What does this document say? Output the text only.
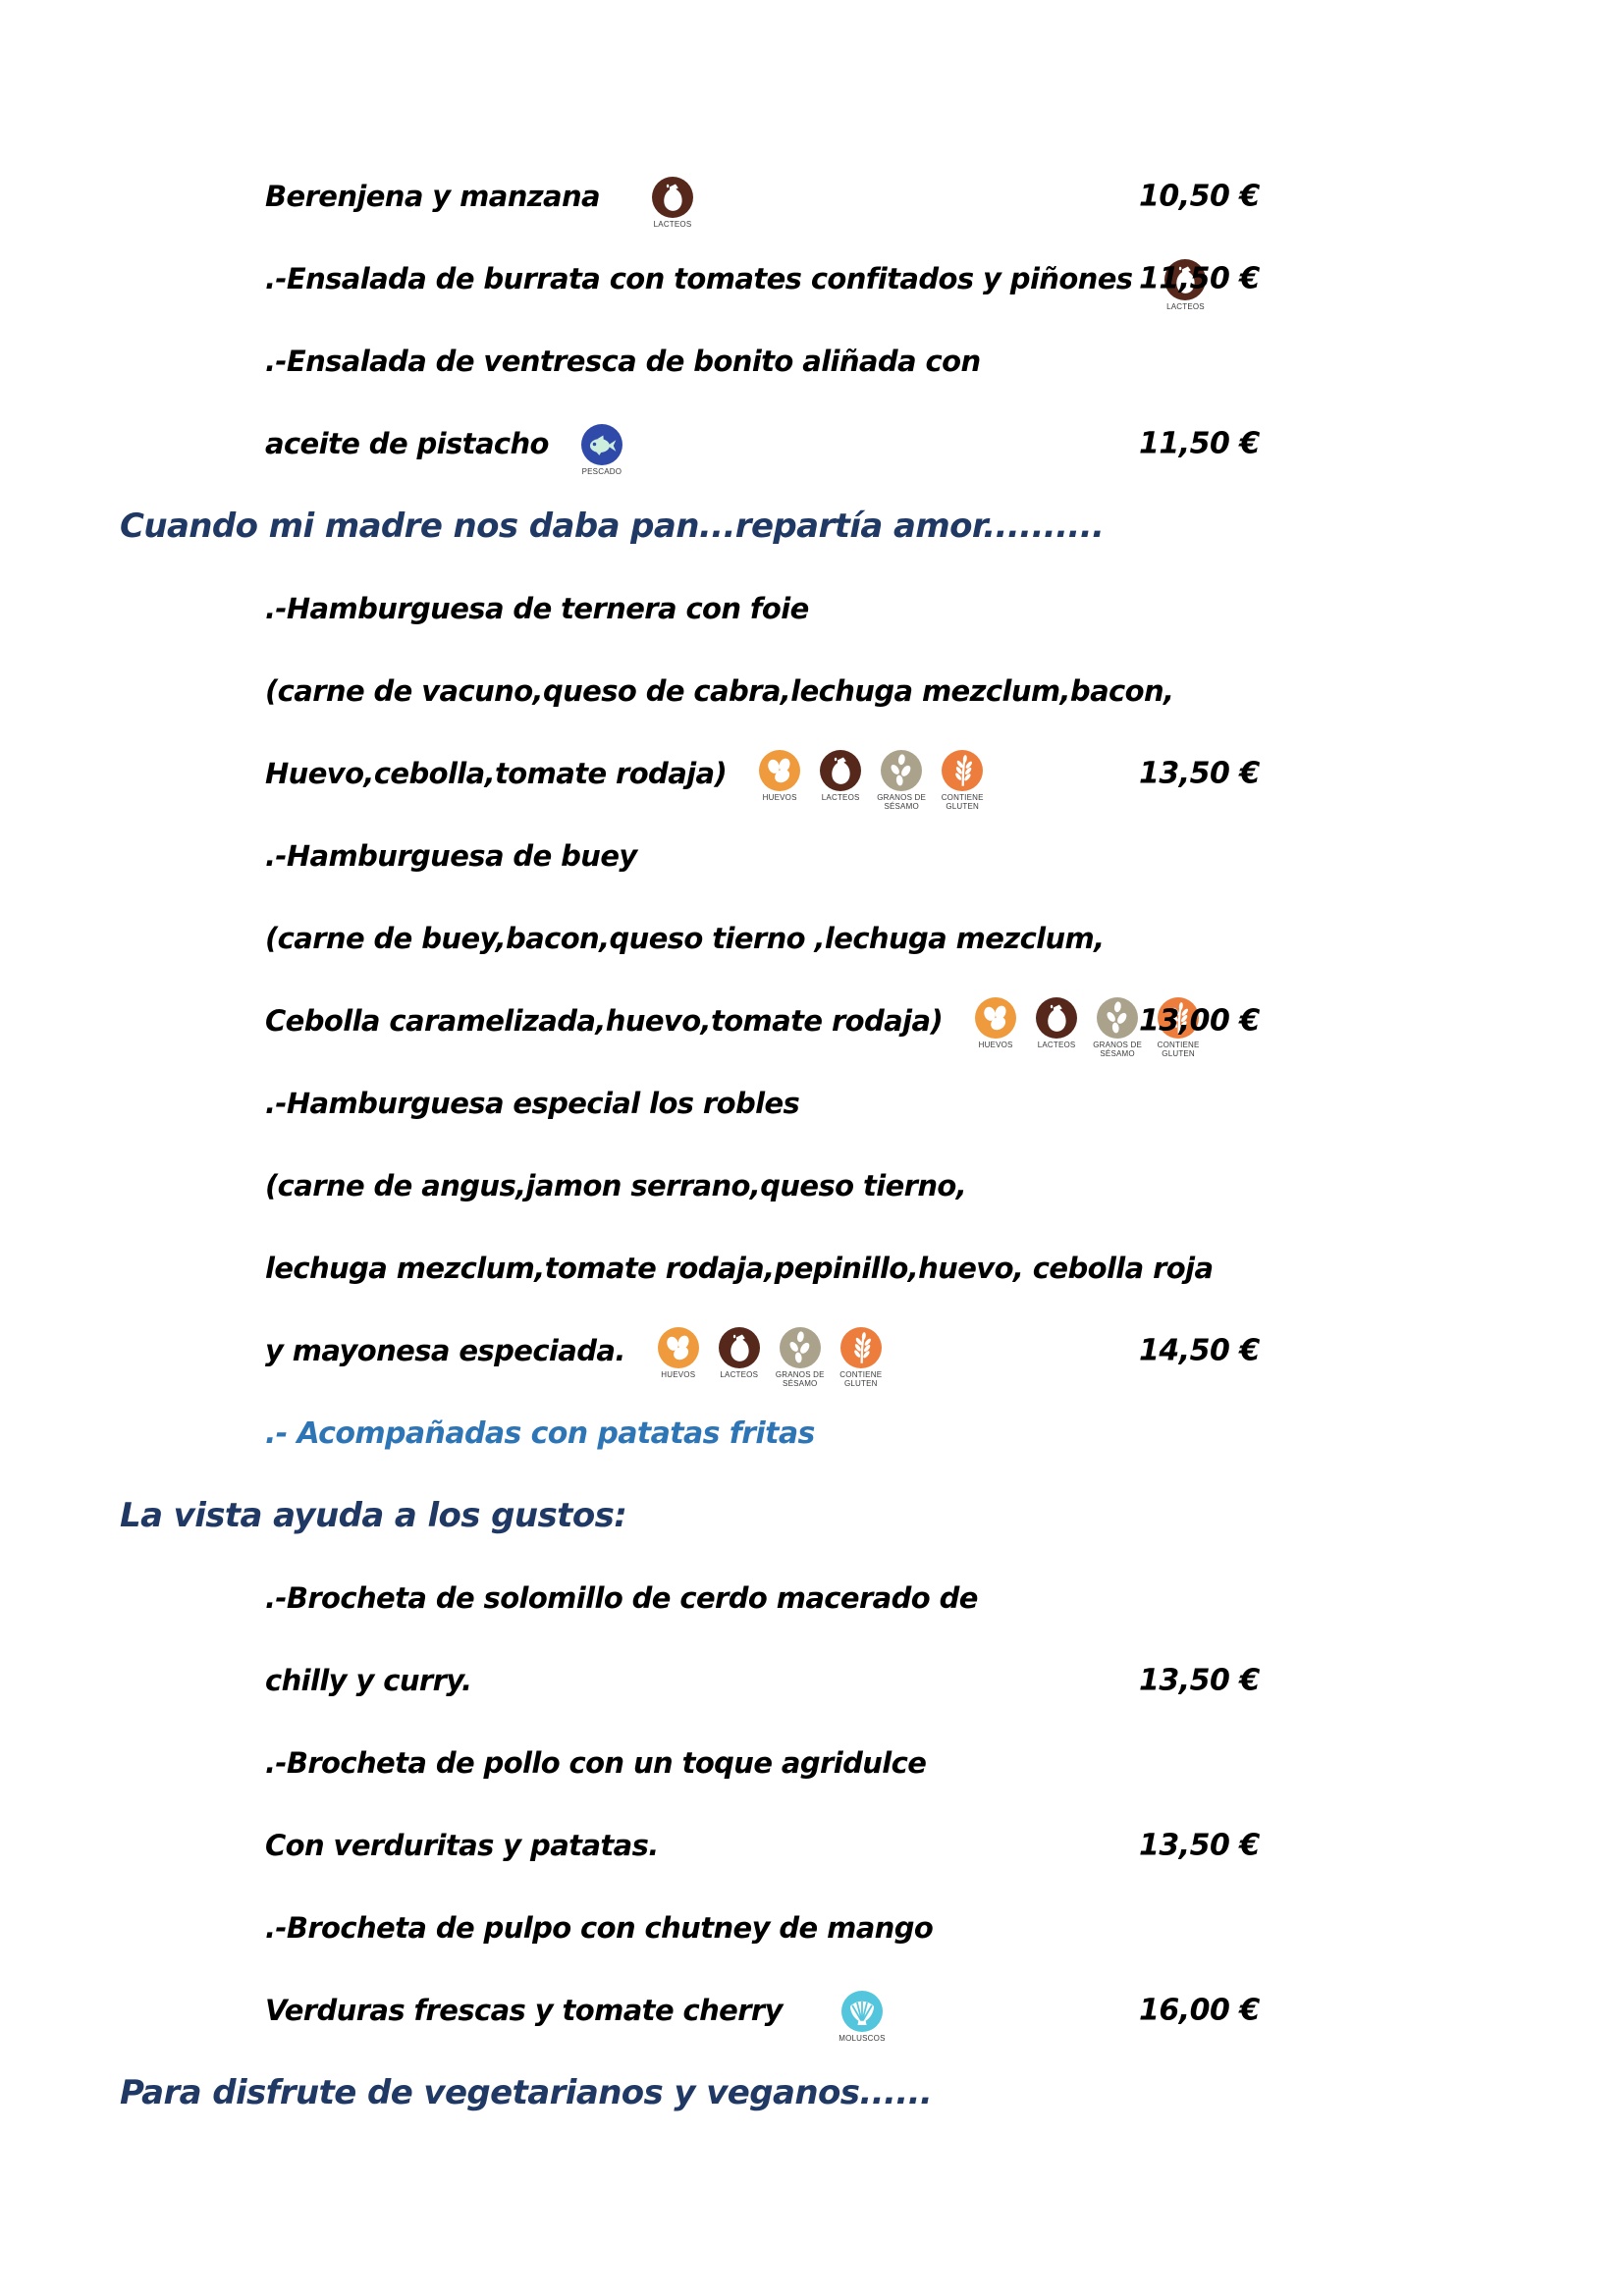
Berenjena y manzana
LACTEOS
10,50 €
.-Ensalada de burrata con tomates confitados y piñones
LACTEOS
11,50 €
.-Ensalada de ventresca de bonito aliñada con
aceite de pistacho
PESCADO
11,50 €
Cuando mi madre nos daba pan...repartía amor..........
.-Hamburguesa de ternera con foie
(carne de vacuno,queso de cabra,lechuga mezclum,bacon,
Huevo,cebolla,tomate rodaja)
HUEVOS	LACTEOS GRANOS DE SÉSAMO
CONTIENE GLUTEN
13,50 €
.-Hamburguesa de buey
(carne de buey,bacon,queso tierno ,lechuga mezclum,
Cebolla caramelizada,huevo,tomate rodaja)
HUEVOS	LACTEOS GRANOS DE SÉSAMO
CONTIENE GLUTEN
13,00 €
.-Hamburguesa especial los robles
(carne de angus,jamon serrano,queso tierno,
lechuga mezclum,tomate rodaja,pepinillo,huevo, cebolla roja
y mayonesa especiada.
HUEVOS	LACTEOS GRANOS DE SÉSAMO
CONTIENE GLUTEN
14,50 €
.- Acompañadas con patatas fritas
La vista ayuda a los gustos:
.-Brocheta de solomillo de cerdo macerado de
chilly y curry.	13,50 €
.-Brocheta de pollo con un toque agridulce
Con verduritas y patatas.	13,50 €
.-Brocheta de pulpo con chutney de mango
Verduras frescas y tomate cherry
MOLUSCOS
16,00 €
Para disfrute de vegetarianos y veganos......
